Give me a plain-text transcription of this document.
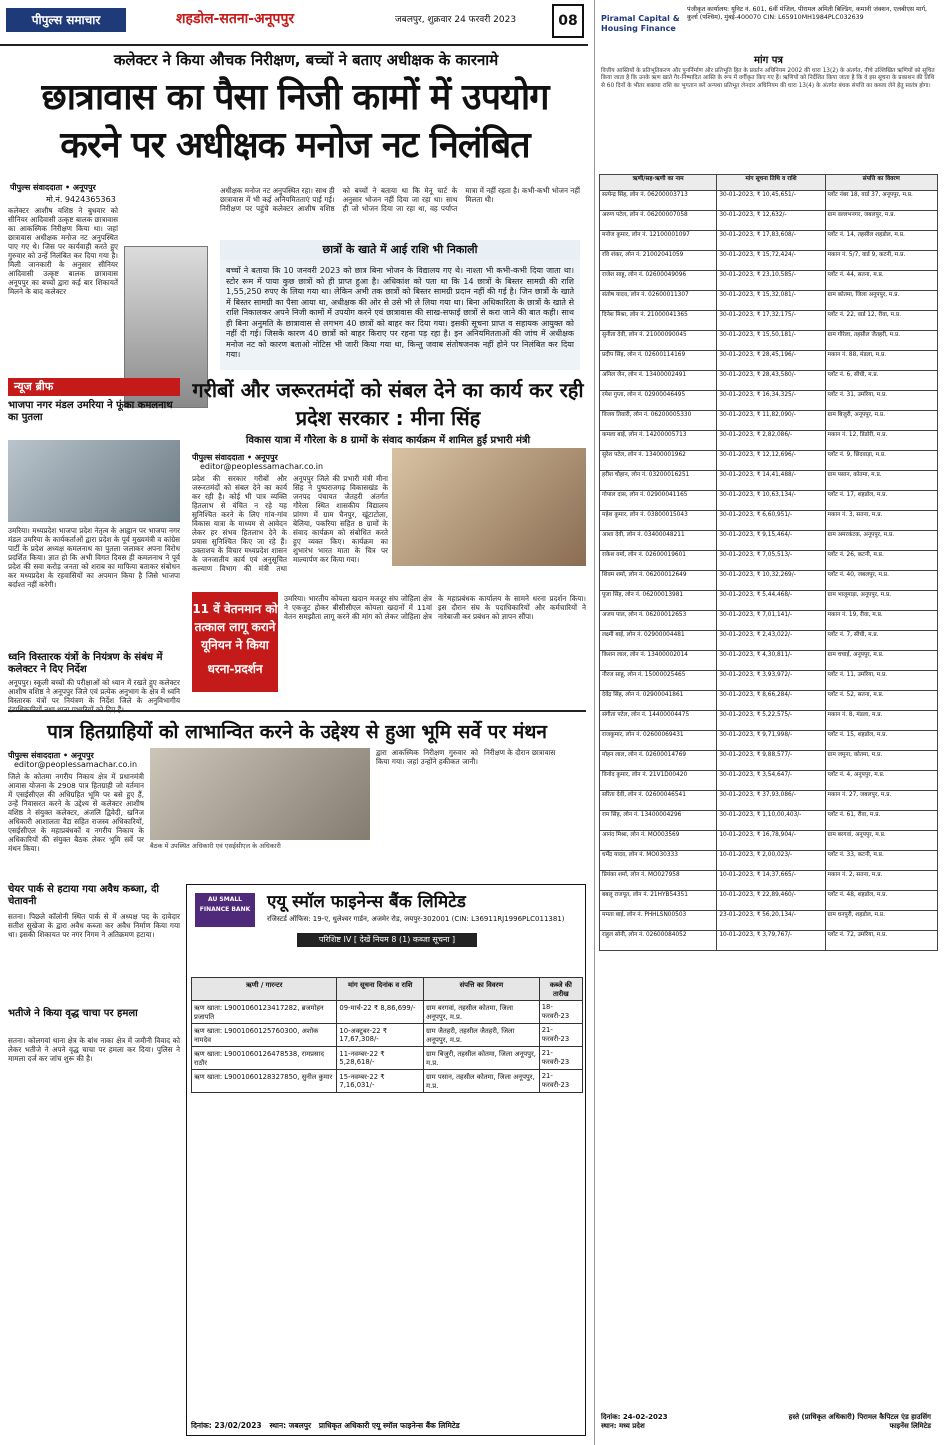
पीपुल्स समाचार	शहडोल-सतना-अनूपपुर	जबलपुर, शुक्रवार 24 फरवरी 2023	08
कलेक्टर ने किया औचक निरीक्षण, बच्चों ने बताए अधीक्षक के कारनामे
छात्रावास का पैसा निजी कामों में उपयोग
करने पर अधीक्षक मनोज नट निलंबित
पीपुल्स संवाददाता • अनूपपुर
मो.नं. 9424365363
कलेक्टर आशीष वशिष्ठ ने बुधवार को सीनियर आदिवासी उत्कृष्ट बालक छात्रावास का आकस्मिक निरीक्षण किया था। जहां छात्रावास अधीक्षक मनोज नट अनुपस्थित पाए गए थे। जिस पर कार्यवाही करते हुए गुरुवार को उन्हें निलंबित कर दिया गया है। मिली जानकारी के अनुसार सीनियर आदिवासी उत्कृष्ट बालक छात्रावास अनूपपुर का बच्चों द्वारा कई बार शिकायतें मिलने के बाद कलेक्टर
अधीक्षक मनोज नट अनुपस्थित रहा। साथ ही छात्रावास में भी कई अनियमितताएं पाई गई। निरीक्षण पर पहुंचे कलेक्टर आशीष वशिष्ठ को बच्चों ने बताया था कि मेनू चार्ट के अनुसार भोजन नहीं दिया जा रहा था। साथ ही जो भोजन दिया जा रहा था, वह पर्याप्त मात्रा में नहीं रहता है। कभी-कभी भोजन नहीं मिलता थी।
छात्रों के खाते में आई राशि भी निकाली
बच्चों ने बताया कि 10 जनवरी 2023 को छात्र बिना भोजन के विद्यालय गए थे। नाश्ता भी कभी-कभी दिया जाता था। स्टोर रूम में पाया कुछ छात्रों को ही प्राप्त हुआ है। अधिकांश को पता था कि 14 छात्रों के बिस्तर सामग्री की राशि 1,55,250 रुपए के लिया गया था। लेकिन अभी तक छात्रों को बिस्तर सामग्री प्रदान नहीं की गई है। जिन छात्रों के खाते में बिस्तर सामग्री का पैसा आया था, अधीक्षक की ओर से उसे भी ले लिया गया था। बिना अधिकारिता के छात्रों के खाते से राशि निकालकर अपने निजी कामों में उपयोग करने एवं छात्रावास की साख-सफाई छात्रों से करा जाने की बात कही। साथ ही बिना अनुमति के छात्रावास से लगभग 40 छात्रों को बाहर कर दिया गया। इसकी सूचना प्राप्त व सहायक आयुक्त को नहीं दी गई। जिसके कारण 40 छात्रों को बाहर किराए पर रहना पड़ रहा है। इन अनियमितताओं की जांच में अधीक्षक मनोज नट को कारण बताओ नोटिस भी जारी किया गया था, किन्तु जवाब संतोषजनक नहीं होने पर निलंबित कर दिया गया।
न्यूज ब्रीफ
भाजपा नगर मंडल उमरिया ने फूंका कमलनाथ का पुतला
उमरिया। मध्यप्रदेश भाजपा प्रदेश नेतृत्व के आह्वान पर भाजपा नगर मंडल उमरिया के कार्यकर्ताओं द्वारा प्रदेश के पूर्व मुख्यमंत्री व कांग्रेस पार्टी के प्रदेश अध्यक्ष कमलनाथ का पुतला जलाकर अपना विरोध प्रदर्शित किया। ज्ञात हो कि अभी विगत दिवस ही कमलनाथ ने पूर्व प्रदेश की सवा करोड़ जनता को शराब का माफिया बताकर संबोधन कर मध्यप्रदेश के रहवासियों का अपमान किया है जिसे भाजपा बर्दाश्त नहीं करेगी।
ध्वनि विस्तारक यंत्रों के नियंत्रण के संबंध में कलेक्टर ने दिए निर्देश
अनूपपुर। स्कूली बच्चों की परीक्षाओं को ध्यान में रखते हुए कलेक्टर आशीष वशिष्ठ ने अनूपपुर जिले एवं प्रत्येक अनुभाग के क्षेत्र में ध्वनि विस्तारक यंत्रों पर नियंत्रण के निर्देश जिले के अनुविभागीय दंडाधिकारियों तथा थाना प्रभारियों को दिए हैं।
गरीबों और जरूरतमंदों को संबल देने का कार्य कर रही प्रदेश सरकार : मीना सिंह
विकास यात्रा में गौरेला के 8 ग्रामों के संवाद कार्यक्रम में शामिल हुईं प्रभारी मंत्री
पीपुल्स संवाददाता • अनूपपुर
editor@peoplessamachar.co.in
प्रदेश की सरकार गरीबों और जरूरतमंदों को संबल देने का कार्य कर रही है। कोई भी पात्र व्यक्ति हितलाभ से वंचित न रहे यह सुनिश्चित करने के लिए गांव-गांव विकास यात्रा के माध्यम से आवेदन लेकर हर संभव हितलाभ देने के प्रयास सुनिश्चित किए जा रहे हैं। उक्ताशय के विचार मध्यप्रदेश शासन के जनजातीय कार्य एवं अनुसूचित कल्याण विभाग की मंत्री तथा अनूपपुर जिले की प्रभारी मंत्री मीना सिंह ने पुष्पराजगढ़ विकासखंड के जनपद पंचायत जैतहरी अंतर्गत गौरेला स्थित शासकीय विद्यालय प्रांगण में ग्राम चैनपुर, खूंटाटोला, बेलिया, पकरिया सहित 8 ग्रामों के संवाद कार्यक्रम को संबोधित करते हुए व्यक्त किए। कार्यक्रम का शुभारंभ भारत माता के चित्र पर माल्यार्पण कर किया गया।
11 वें वेतनमान को तत्काल लागू कराने यूनियन ने किया
धरना-प्रदर्शन
उमरिया। भारतीय कोयला खदान मजदूर संघ जोहिला क्षेत्र ने एकजुट होकर बीसीसीएल कोयला खदानों में 11वां वेतन समझौता लागू करने की मांग को लेकर जोहिला क्षेत्र के महाप्रबंधक कार्यालय के सामने धरना प्रदर्शन किया। इस दौरान संघ के पदाधिकारियों और कर्मचारियों ने नारेबाजी कर प्रबंधन को ज्ञापन सौंपा।
पात्र हितग्राहियों को लाभान्वित करने के उद्देश्य से हुआ भूमि सर्वे पर मंथन
पीपुल्स संवाददाता • अनूपपुर
editor@peoplessamachar.co.in
जिले के कोतमा नगरीय निकाय क्षेत्र में प्रधानमंत्री आवास योजना के 2908 पात्र हितग्राही जो वर्तमान में एसईसीएल की अधिग्रहित भूमि पर बसे हुए हैं, उन्हें निवासरत करने के उद्देश्य से कलेक्टर आशीष वशिष्ठ ने संयुक्त कलेक्टर, अंजलि द्विवेदी, खनिज अधिकारी आशालता वैद्य सहित राजस्व अधिकारियों, एसईसीएल के महाप्रबंधकों व नगरीय निकाय के अधिकारियों की संयुक्त बैठक लेकर भूमि सर्वे पर मंथन किया।	बैठक में उपस्थित अधिकारी एवं एसईसीएल के अधिकारी
द्वारा आकस्मिक निरीक्षण गुरुवार को किया गया। जहां उन्होंने हकीकत जानी। निरीक्षण के दौरान छात्रावास
चेयर पार्क से हटाया गया अवैध कब्जा, दी चेतावनी
सतना। पिछले कॉलोनी स्थित पार्क से में अध्यक्ष पद के दावेदार सतीश सुखेजा के द्वारा अवैध कब्जा कर अवैध निर्माण किया गया था। इसकी शिकायत पर नगर निगम ने अतिक्रमण हटाया।
भतीजे ने किया वृद्ध चाचा पर हमला
सतना। कोलगवां थाना क्षेत्र के बांध नाका क्षेत्र में जमीनी विवाद को लेकर भतीजे ने अपने वृद्ध चाचा पर हमला कर दिया। पुलिस ने मामला दर्ज कर जांच शुरू की है।
AU SMALL FINANCE BANK एयू स्मॉल फाइनेन्स बैंक लिमिटेड
रजिस्टर्ड ऑफिस: 19-ए, धुलेश्वर गार्डन, अजमेर रोड, जयपुर-302001 (CIN: L36911RJ1996PLC011381)
परिशिष्ट IV [ देखें नियम 8 (1) कब्जा सूचना ]
ऋणी / गारन्टर	मांग सूचना दिनांक व राशि	संपत्ति का विवरण	कब्जे की तारीख
ऋण खाता: L9001060123417282, ब्रजमोहन प्रजापति	09-मार्च-22 ₹ 8,86,699/-	ग्राम बरगवां, तहसील कोतमा, जिला अनूपपुर, म.प्र.	18-फरवरी-23
ऋण खाता: L9001060125760300, अशोक नामदेव	10-अक्टूबर-22 ₹ 17,67,308/-	ग्राम जैतहरी, तहसील जैतहरी, जिला अनूपपुर, म.प्र.	21-फरवरी-23
ऋण खाता: L9001060126478538, रामप्रसाद राठौर	11-नवम्बर-22 ₹ 5,28,618/-	ग्राम बिजुरी, तहसील कोतमा, जिला अनूपपुर, म.प्र.	21-फरवरी-23
ऋण खाता: L9001060128327850, सुनील कुमार	15-नवम्बर-22 ₹ 7,16,031/-	ग्राम पसान, तहसील कोतमा, जिला अनूपपुर, म.प्र.	21-फरवरी-23
दिनांक: 23/02/2023 स्थान: जबलपुर प्राधिकृत अधिकारी एयू स्मॉल फाइनेन्स बैंक लिमिटेड
Piramal Capital & Housing Finance
पंजीकृत कार्यालय: यूनिट नं. 601, 6वीं मंजिल, पीरामल अमिती बिल्डिंग, कमानी जंक्शन, एलबीएस मार्ग, कुर्ला (पश्चिम), मुंबई-400070 CIN: L65910MH1984PLC032639
मांग पत्र
वित्तीय आस्तियों के प्रतिभूतिकरण और पुनर्निर्माण और प्रतिभूति हित के प्रवर्तन अधिनियम 2002 की धारा 13(2) के अंतर्गत, नीचे उल्लिखित ऋणियों को सूचित किया जाता है कि उनके ऋण खाते गैर-निष्पादित आस्ति के रूप में वर्गीकृत किए गए हैं। ऋणियों को निर्देशित किया जाता है कि वे इस सूचना के प्रकाशन की तिथि से 60 दिनों के भीतर बकाया राशि का भुगतान करें अन्यथा प्रतिभूत लेनदार अधिनियम की धारा 13(4) के अंतर्गत बंधक संपत्ति का कब्जा लेने हेतु स्वतंत्र होगा।
ऋणी/सह-ऋणी का नाम	मांग सूचना तिथि व राशि	संपत्ति का विवरण
सत्येन्द्र सिंह, लोन नं. 06200003713	30-01-2023, ₹ 10,45,651/-	प्लॉट नंबर 18, वार्ड 37, अनूपपुर, म.प्र.
अरुण पटेल, लोन नं. 06200007058	30-01-2023, ₹ 12,632/-	ग्राम वल्लभनगर, जबलपुर, म.प्र.
मनोज कुमार, लोन नं. 12100001097	30-01-2023, ₹ 17,83,608/-	प्लॉट नं. 14, तहसील शहडोल, म.प्र.
रवि शंकर, लोन नं. 21002041059	30-01-2023, ₹ 15,72,424/-	मकान नं. 5/7, वार्ड 9, कटनी, म.प्र.
राजेश साहू, लोन नं. 02600049096	30-01-2023, ₹ 23,10,585/-	प्लॉट नं. 44, सतना, म.प्र.
संतोष यादव, लोन नं. 02600011307	30-01-2023, ₹ 15,32,081/-	ग्राम कोतमा, जिला अनूपपुर, म.प्र.
दिनेश मिश्रा, लोन नं. 21000041365	30-01-2023, ₹ 17,32,175/-	प्लॉट नं. 22, वार्ड 12, रीवा, म.प्र.
सुनीता देवी, लोन नं. 21000090045	30-01-2023, ₹ 15,50,181/-	ग्राम गौरेला, तहसील जैतहरी, म.प्र.
प्रदीप सिंह, लोन नं. 02600114169	30-01-2023, ₹ 28,45,196/-	मकान नं. 88, मंडला, म.प्र.
अनिल जैन, लोन नं. 13400002491	30-01-2023, ₹ 28,43,580/-	प्लॉट नं. 6, सीधी, म.प्र.
रमेश गुप्ता, लोन नं. 02900046495	30-01-2023, ₹ 16,34,325/-	प्लॉट नं. 31, उमरिया, म.प्र.
विजय तिवारी, लोन नं. 06200005330	30-01-2023, ₹ 11,82,090/-	ग्राम बिजुरी, अनूपपुर, म.प्र.
कमला बाई, लोन नं. 14200005713	30-01-2023, ₹ 2,82,086/-	मकान नं. 12, डिंडोरी, म.प्र.
सुरेश पटेल, लोन नं. 13400001962	30-01-2023, ₹ 12,12,696/-	प्लॉट नं. 9, छिंदवाड़ा, म.प्र.
हरीश चौहान, लोन नं. 03200016251	30-01-2023, ₹ 14,41,488/-	ग्राम पसान, कोतमा, म.प्र.
गोपाल दास, लोन नं. 02900041165	30-01-2023, ₹ 10,63,134/-	प्लॉट नं. 17, शहडोल, म.प्र.
महेश कुमार, लोन नं. 03800015043	30-01-2023, ₹ 6,60,951/-	मकान नं. 3, सतना, म.प्र.
आशा देवी, लोन नं. 03400048211	30-01-2023, ₹ 9,15,464/-	ग्राम अमरकंटक, अनूपपुर, म.प्र.
राकेश वर्मा, लोन नं. 02600019601	30-01-2023, ₹ 7,05,513/-	प्लॉट नं. 26, कटनी, म.प्र.
शिवम शर्मा, लोन नं. 06200012649	30-01-2023, ₹ 10,32,269/-	प्लॉट नं. 40, जबलपुर, म.प्र.
पूजा सिंह, लोन नं. 06200013981	30-01-2023, ₹ 5,44,468/-	ग्राम भालूमाड़ा, अनूपपुर, म.प्र.
अजय पाल, लोन नं. 06200012653	30-01-2023, ₹ 7,01,141/-	मकान नं. 19, रीवा, म.प्र.
लक्ष्मी बाई, लोन नं. 02900004481	30-01-2023, ₹ 2,43,022/-	प्लॉट नं. 7, सीधी, म.प्र.
किशन लाल, लोन नं. 13400002014	30-01-2023, ₹ 4,30,811/-	ग्राम चचाई, अनूपपुर, म.प्र.
नीरज साहू, लोन नं. 15000025465	30-01-2023, ₹ 3,93,972/-	प्लॉट नं. 11, उमरिया, म.प्र.
देवेंद्र सिंह, लोन नं. 02900041861	30-01-2023, ₹ 8,66,284/-	प्लॉट नं. 52, सतना, म.प्र.
संगीता पटेल, लोन नं. 14400004475	30-01-2023, ₹ 5,22,575/-	मकान नं. 8, मंडला, म.प्र.
राजकुमार, लोन नं. 02600069431	30-01-2023, ₹ 9,71,998/-	प्लॉट नं. 15, शहडोल, म.प्र.
मोहन लाल, लोन नं. 02600014769	30-01-2023, ₹ 9,88,577/-	ग्राम जमुना, कोतमा, म.प्र.
विनोद कुमार, लोन नं. 21V1D00420	30-01-2023, ₹ 3,54,647/-	प्लॉट नं. 4, अनूपपुर, म.प्र.
सरिता देवी, लोन नं. 02600046541	30-01-2023, ₹ 37,93,086/-	मकान नं. 27, जबलपुर, म.प्र.
राम सिंह, लोन नं. 13400004296	30-01-2023, ₹ 1,10,00,403/-	प्लॉट नं. 61, रीवा, म.प्र.
आनंद मिश्रा, लोन नं. MO003569	10-01-2023, ₹ 16,78,904/-	ग्राम बरगवां, अनूपपुर, म.प्र.
धर्मेंद्र यादव, लोन नं. MO030333	10-01-2023, ₹ 2,00,023/-	प्लॉट नं. 33, कटनी, म.प्र.
प्रियंका शर्मा, लोन नं. MO027958	10-01-2023, ₹ 14,37,665/-	मकान नं. 2, सतना, म.प्र.
बबलू राजपूत, लोन नं. 21HYB54351	10-01-2023, ₹ 22,89,460/-	प्लॉट नं. 48, शहडोल, म.प्र.
ममता बाई, लोन नं. PHHLSN00503	23-01-2023, ₹ 56,20,134/-	ग्राम धनपुरी, शहडोल, म.प्र.
राहुल सोनी, लोन नं. 02600084052	10-01-2023, ₹ 3,79,767/-	प्लॉट नं. 72, उमरिया, म.प्र.
दिनांक: 24-02-2023
स्थान: मध्य प्रदेश
हस्ते (प्राधिकृत अधिकारी) पिरामल कैपिटल एंड हाउसिंग फाइनेंस लिमिटेड
